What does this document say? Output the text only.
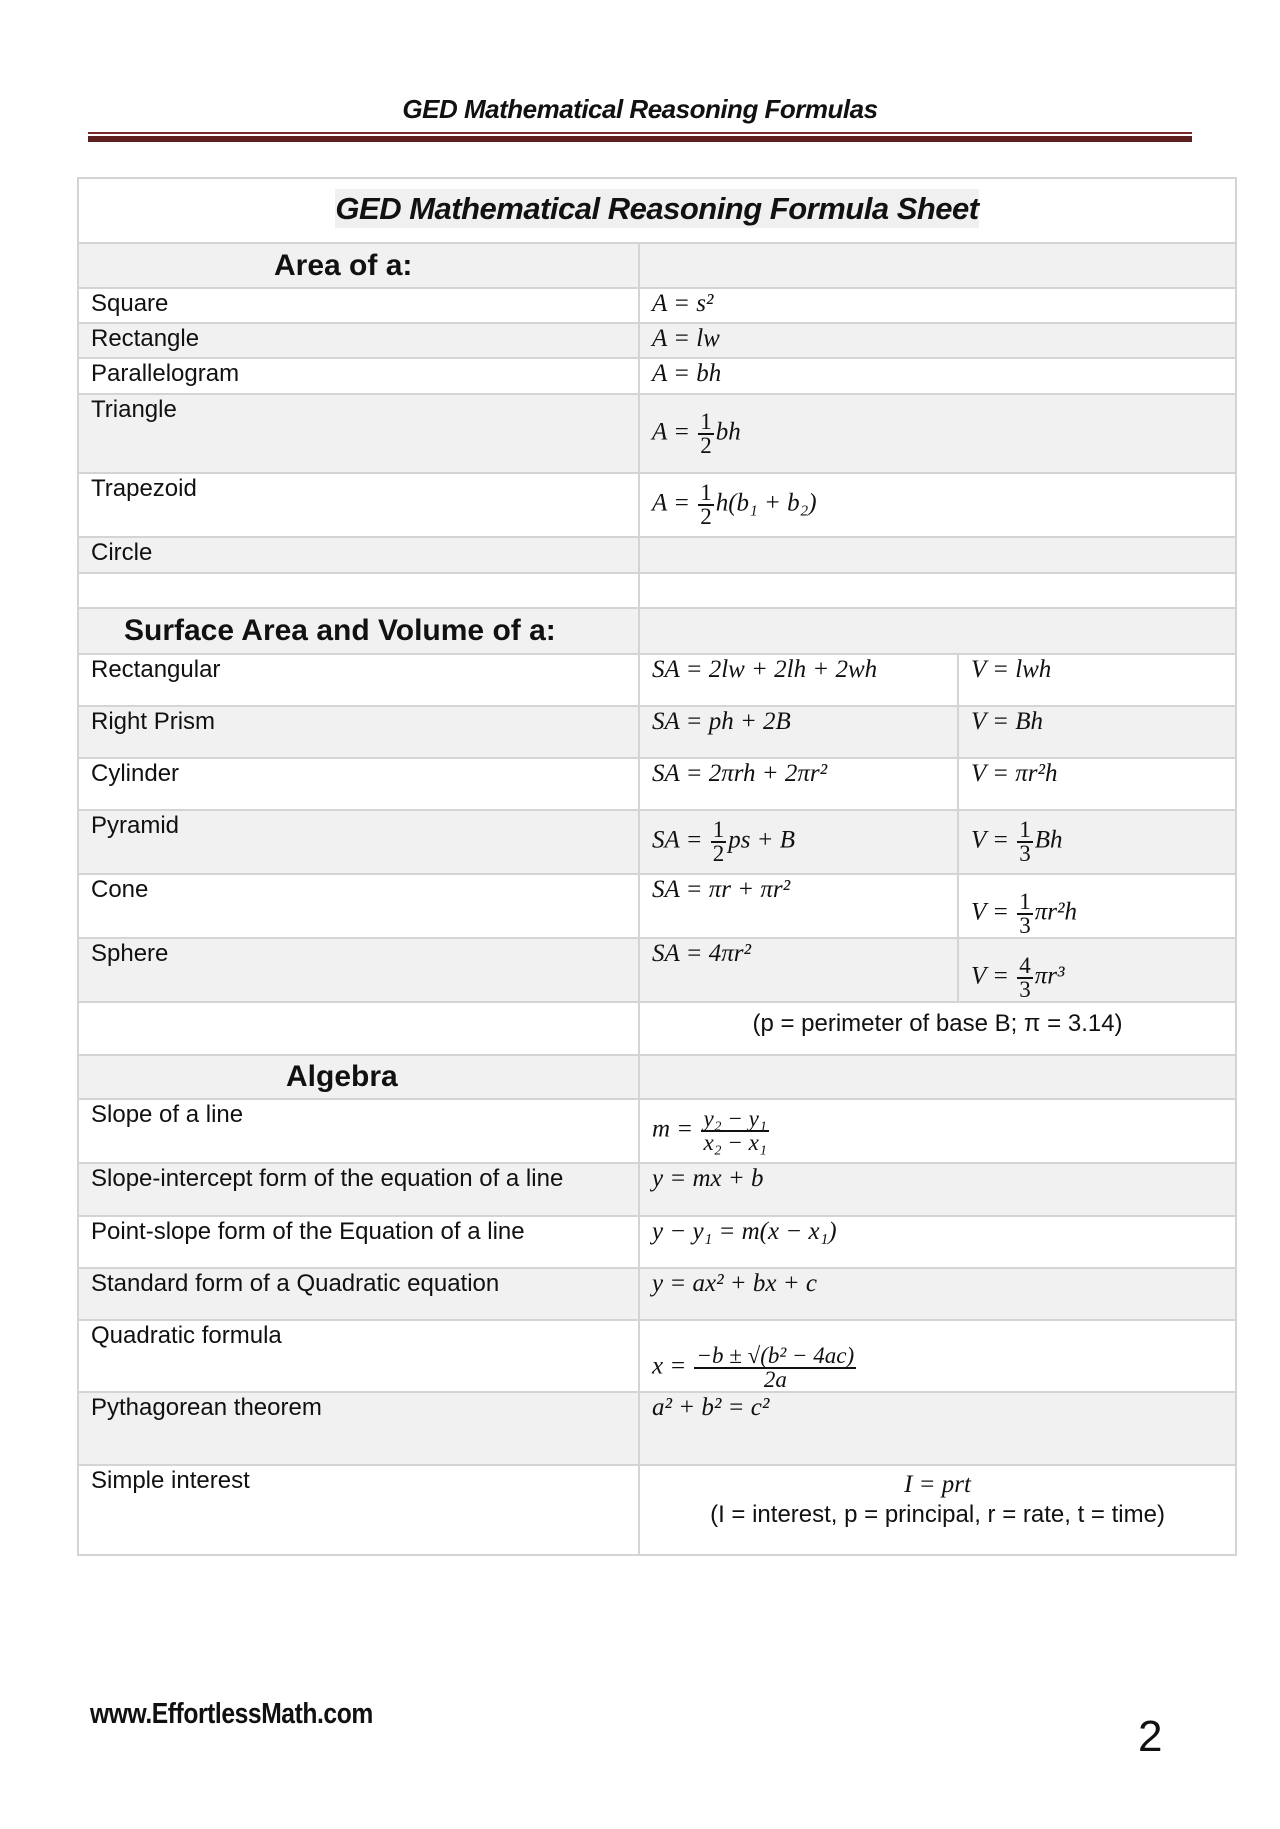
GED Mathematical Reasoning Formulas
GED Mathematical Reasoning Formula Sheet		
Area of a:		
Square	A = s²	
Rectangle	A = lw	
Parallelogram	A = bh	
Triangle	$A = \frac{1}{2}$ bh	
Trapezoid	$A = \frac{1}{2} h(b_1 + b_2)$	
Circle		

Surface Area and Volume of a:		
Rectangular	SA = 2lw + 2lh + 2wh	V = lwh
Right Prism	SA = ph + 2B	V = Bh
Cylinder	SA = 2πrh + 2πr²	V = πr²h
Pyramid	SA = $\frac{1}{2}$ ps + B	$V = \frac{1}{3}$ Bh
Cone	SA = πr + πr²	$V = \frac{1}{3} \pi r^2h$
Sphere	SA = 4πr²	$V = \frac{4}{3} \pi r^3$
	(p = perimeter of base B; π = 3.14)	
Algebra		
Slope of a line	$m = \frac{\text{y₂ − y₁}}{\text{x₂ − x₁}}$

Slope-intercept form of the equation of a line	y = mx + b	
Point-slope form of the Equation of a line	y − y₁ = m(x − x₁)	
Standard form of a Quadratic equation	y = ax² + bx + c	
Quadratic formula	$x = \frac{\text{−b ± √(b² − 4ac)}}{2a}$

Pythagorean theorem	a² + b² = c²	
Simple interest	I = prt
(I = interest, p = principal, r = rate, t = time)	
www.EffortlessMath.com	2
